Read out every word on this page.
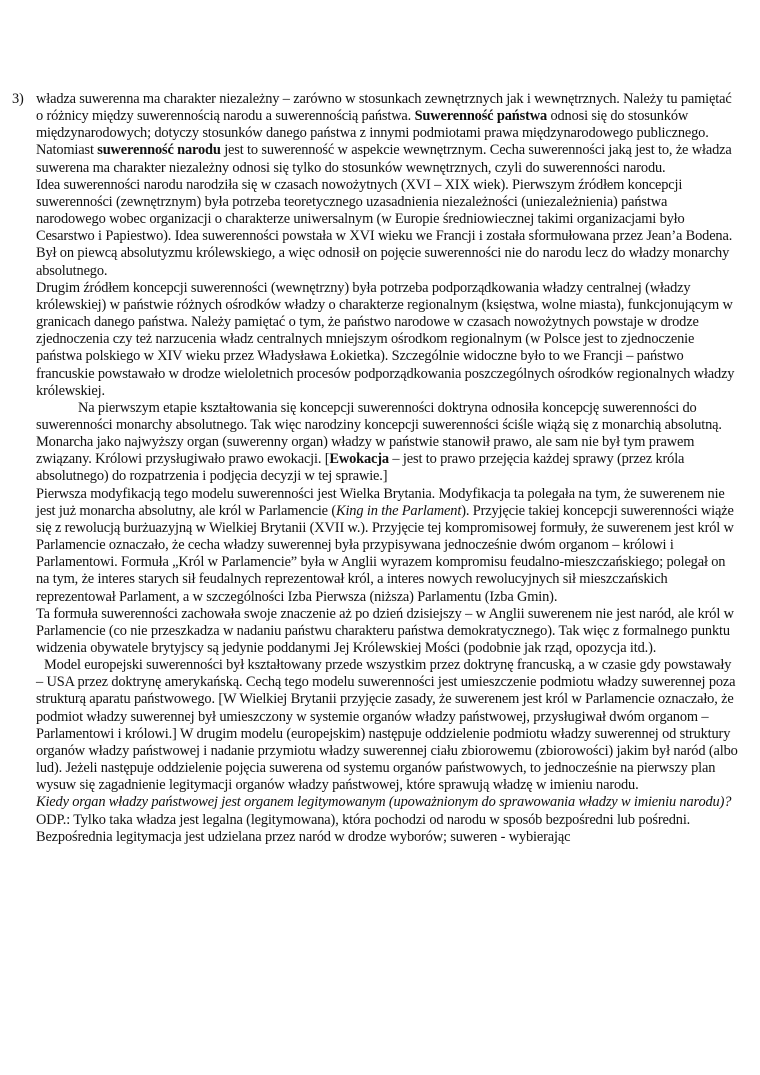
3) władza suwerenna ma charakter niezależny – zarówno w stosunkach zewnętrznych jak i wewnętrznych. Należy tu pamiętać o różnicy między suwerennością narodu a suwerennością państwa. Suwerenność państwa odnosi się do stosunków międzynarodowych; dotyczy stosunków danego państwa z innymi podmiotami prawa międzynarodowego publicznego. Natomiast suwerenność narodu jest to suwerenność w aspekcie wewnętrznym. Cecha suwerenności jaką jest to, że władza suwerena ma charakter niezależny odnosi się tylko do stosunków wewnętrznych, czyli do suwerenności narodu.

Idea suwerenności narodu narodziła się w czasach nowożytnych (XVI – XIX wiek). Pierwszym źródłem koncepcji suwerenności (zewnętrznym) była potrzeba teoretycznego uzasadnienia niezależności (uniezależnienia) państwa narodowego wobec organizacji o charakterze uniwersalnym (w Europie średniowiecznej takimi organizacjami było Cesarstwo i Papiestwo). Idea suwerenności powstała w XVI wieku we Francji i została sformułowana przez Jean’a Bodena. Był on piewcą absolutyzmu królewskiego, a więc odnosił on pojęcie suwerenności nie do narodu lecz do władzy monarchy absolutnego.

Drugim źródłem koncepcji suwerenności (wewnętrzny) była potrzeba podporządkowania władzy centralnej (władzy królewskiej) w państwie różnych ośrodków władzy o charakterze regionalnym (księstwa, wolne miasta), funkcjonującym w granicach danego państwa. Należy pamiętać o tym, że państwo narodowe w czasach nowożytnych powstaje w drodze zjednoczenia czy też narzucenia władz centralnych mniejszym ośrodkom regionalnym (w Polsce jest to zjednoczenie państwa polskiego w XIV wieku przez Władysława Łokietka). Szczególnie widoczne było to we Francji – państwo francuskie powstawało w drodze wieloletnich procesów podporządkowania poszczególnych ośrodków regionalnych władzy królewskiej.

Na pierwszym etapie kształtowania się koncepcji suwerenności doktryna odnosiła koncepcję suwerenności do suwerenności monarchy absolutnego. Tak więc narodziny koncepcji suwerenności ściśle wiążą się z monarchią absolutną. Monarcha jako najwyższy organ (suwerenny organ) władzy w państwie stanowił prawo, ale sam nie był tym prawem związany. Królowi przysługiwało prawo ewokacji. [Ewokacja – jest to prawo przejęcia każdej sprawy (przez króla absolutnego) do rozpatrzenia i podjęcia decyzji w tej sprawie.]

Pierwsza modyfikacją tego modelu suwerenności jest Wielka Brytania. Modyfikacja ta polegała na tym, że suwerenem nie jest już monarcha absolutny, ale król w Parlamencie (King in the Parlament). Przyjęcie takiej koncepcji suwerenności wiąże się z rewolucją burżuazyjną w Wielkiej Brytanii (XVII w.). Przyjęcie tej kompromisowej formuły, że suwerenem jest król w Parlamencie oznaczało, że cecha władzy suwerennej była przypisywana jednocześnie dwóm organom – królowi i Parlamentowi. Formuła „Król w Parlamencie” była w Anglii wyrazem kompromisu feudalno-mieszczańskiego; polegał on na tym, że interes starych sił feudalnych reprezentował król, a interes nowych rewolucyjnych sił mieszczańskich reprezentował Parlament, a w szczególności Izba Pierwsza (niższa) Parlamentu (Izba Gmin).

Ta formuła suwerenności zachowała swoje znaczenie aż po dzień dzisiejszy – w Anglii suwerenem nie jest naród, ale król w Parlamencie (co nie przeszkadza w nadaniu państwu charakteru państwa demokratycznego). Tak więc z formalnego punktu widzenia obywatele brytyjscy są jedynie poddanymi Jej Królewskiej Mości (podobnie jak rząd, opozycja itd.).

Model europejski suwerenności był kształtowany przede wszystkim przez doktrynę francuską, a w czasie gdy powstawały – USA przez doktrynę amerykańską. Cechą tego modelu suwerenności jest umieszczenie podmiotu władzy suwerennej poza strukturą aparatu państwowego. [W Wielkiej Brytanii przyjęcie zasady, że suwerenem jest król w Parlamencie oznaczało, że podmiot władzy suwerennej był umieszczony w systemie organów władzy państwowej, przysługiwał dwóm organom – Parlamentowi i królowi.] W drugim modelu (europejskim) następuje oddzielenie podmiotu władzy suwerennej od struktury organów władzy państwowej i nadanie przymiotu władzy suwerennej ciału zbiorowemu (zbiorowości) jakim był naród (albo lud). Jeżeli następuje oddzielenie pojęcia suwerena od systemu organów państwowych, to jednocześnie na pierwszy plan wysuw się zagadnienie legitymacji organów władzy państwowej, które sprawują władzę w imieniu narodu.

Kiedy organ władzy państwowej jest organem legitymowanym (upoważnionym do sprawowania władzy w imieniu narodu)?

ODP.: Tylko taka władza jest legalna (legitymowana), która pochodzi od narodu w sposób bezpośredni lub pośredni. Bezpośrednia legitymacja jest udzielana przez naród w drodze wyborów; suweren - wybierając
